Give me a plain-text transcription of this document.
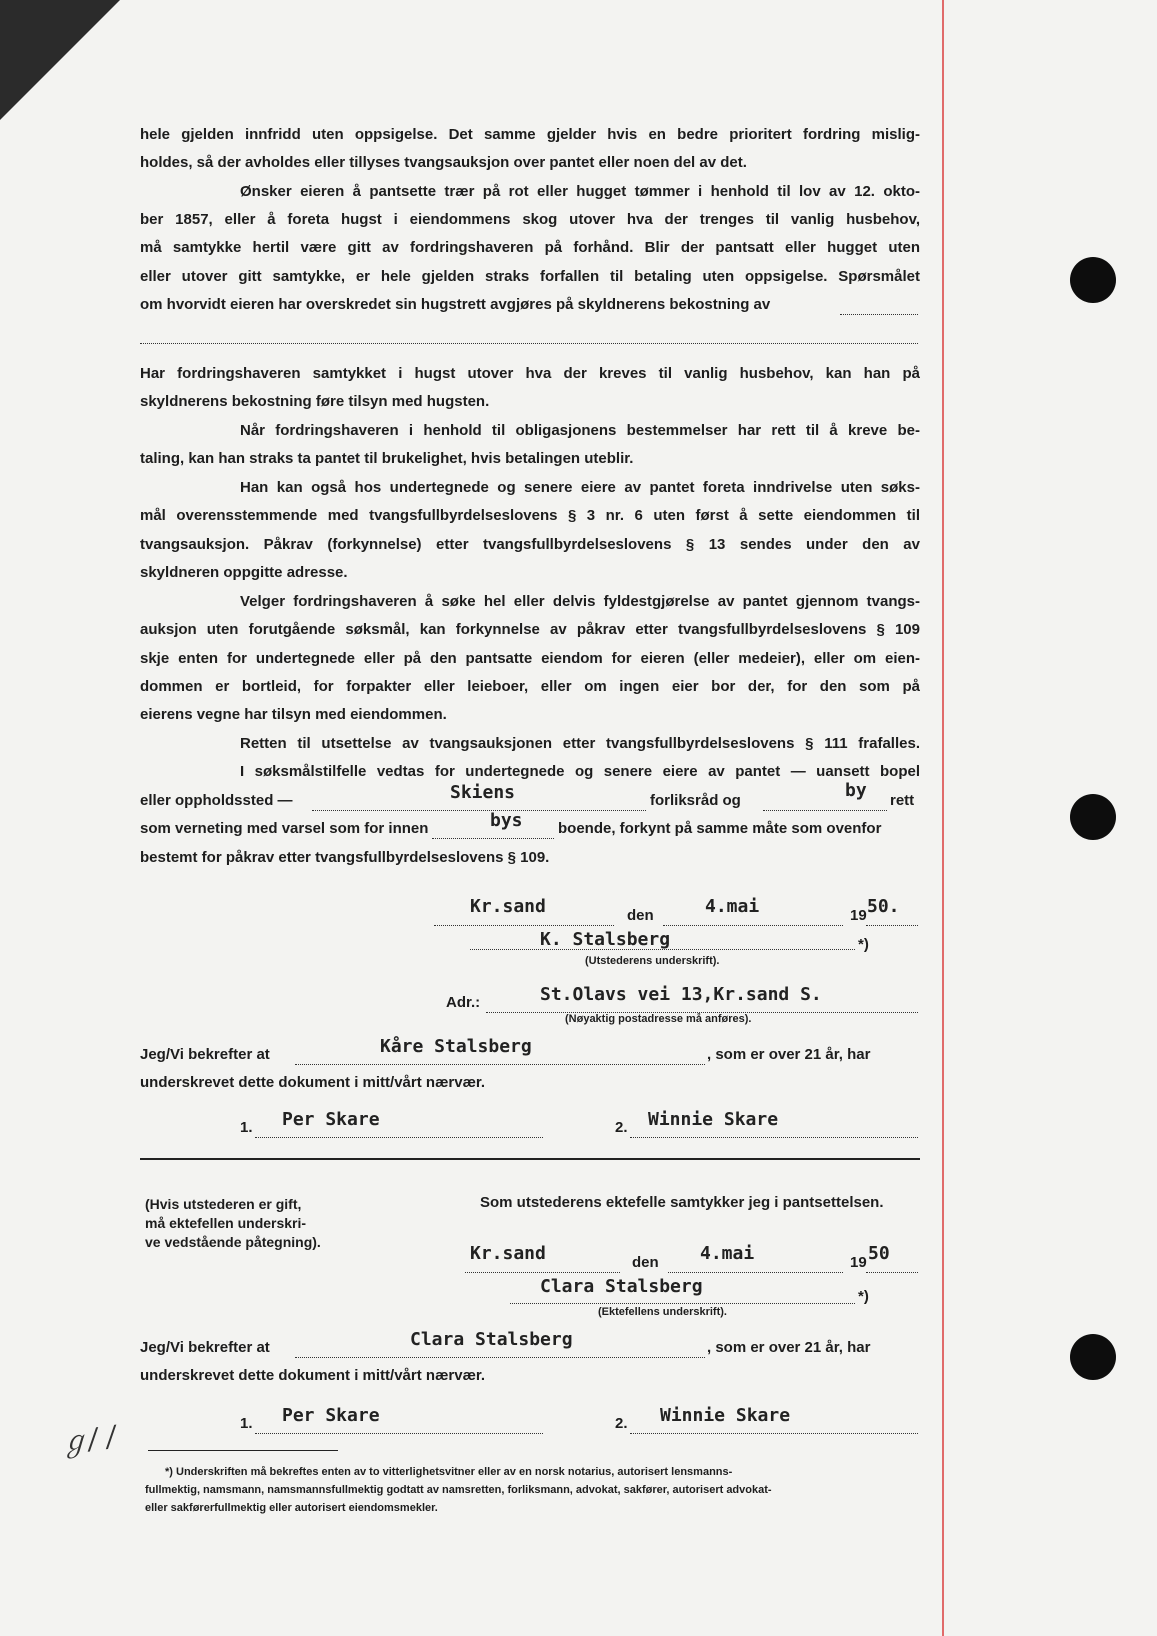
hele gjelden innfridd uten oppsigelse. Det samme gjelder hvis en bedre prioritert fordring mislig-
holdes, så der avholdes eller tillyses tvangsauksjon over pantet eller noen del av det.
Ønsker eieren å pantsette trær på rot eller hugget tømmer i henhold til lov av 12. okto-
ber 1857, eller å foreta hugst i eiendommens skog utover hva der trenges til vanlig husbehov,
må samtykke hertil være gitt av fordringshaveren på forhånd. Blir der pantsatt eller hugget uten
eller utover gitt samtykke, er hele gjelden straks forfallen til betaling uten oppsigelse. Spørsmålet
om hvorvidt eieren har overskredet sin hugstrett avgjøres på skyldnerens bekostning av
Har fordringshaveren samtykket i hugst utover hva der kreves til vanlig husbehov, kan han på
skyldnerens bekostning føre tilsyn med hugsten.
Når fordringshaveren i henhold til obligasjonens bestemmelser har rett til å kreve be-
taling, kan han straks ta pantet til brukelighet, hvis betalingen uteblir.
Han kan også hos undertegnede og senere eiere av pantet foreta inndrivelse uten søks-
mål overensstemmende med tvangsfullbyrdelseslovens § 3 nr. 6 uten først å sette eiendommen til
tvangsauksjon. Påkrav (forkynnelse) etter tvangsfullbyrdelseslovens § 13 sendes under den av
skyldneren oppgitte adresse.
Velger fordringshaveren å søke hel eller delvis fyldestgjørelse av pantet gjennom tvangs-
auksjon uten forutgående søksmål, kan forkynnelse av påkrav etter tvangsfullbyrdelseslovens § 109
skje enten for undertegnede eller på den pantsatte eiendom for eieren (eller medeier), eller om eien-
dommen er bortleid, for forpakter eller leieboer, eller om ingen eier bor der, for den som på
eierens vegne har tilsyn med eiendommen.
Retten til utsettelse av tvangsauksjonen etter tvangsfullbyrdelseslovens § 111 frafalles.
I søksmålstilfelle vedtas for undertegnede og senere eiere av pantet — uansett bopel
eller oppholdssted —	Skiens	forliksråd og	by rett
som verneting med varsel som for innen	bys boende, forkynt på samme måte som ovenfor
bestemt for påkrav etter tvangsfullbyrdelseslovens § 109.
Kr.sand	den	4.mai	19 50.
K. Stalsberg	*)
(Utstederens underskrift).
Adr.:	St.Olavs vei 13,Kr.sand S.
(Nøyaktig postadresse må anføres).
Jeg/Vi bekrefter at	Kåre Stalsberg	, som er over 21 år, har
underskrevet dette dokument i mitt/vårt nærvær.
1. Per Skare	2. Winnie Skare
(Hvis utstederen er gift,
må ektefellen underskri-
ve vedstående påtegning).
Som utstederens ektefelle samtykker jeg i pantsettelsen.
Kr.sand	den 4.mai	19 50
Clara Stalsberg	*)
(Ektefellens underskrift).
Jeg/Vi bekrefter at	Clara Stalsberg	, som er over 21 år, har
underskrevet dette dokument i mitt/vårt nærvær.
1. Per Skare	2. Winnie Skare
ℊ/ /
*) Underskriften må bekreftes enten av to vitterlighetsvitner eller av en norsk notarius, autorisert lensmanns-
fullmektig, namsmann, namsmannsfullmektig godtatt av namsretten, forliksmann, advokat, sakfører, autorisert advokat-
eller sakførerfullmektig eller autorisert eiendomsmekler.
